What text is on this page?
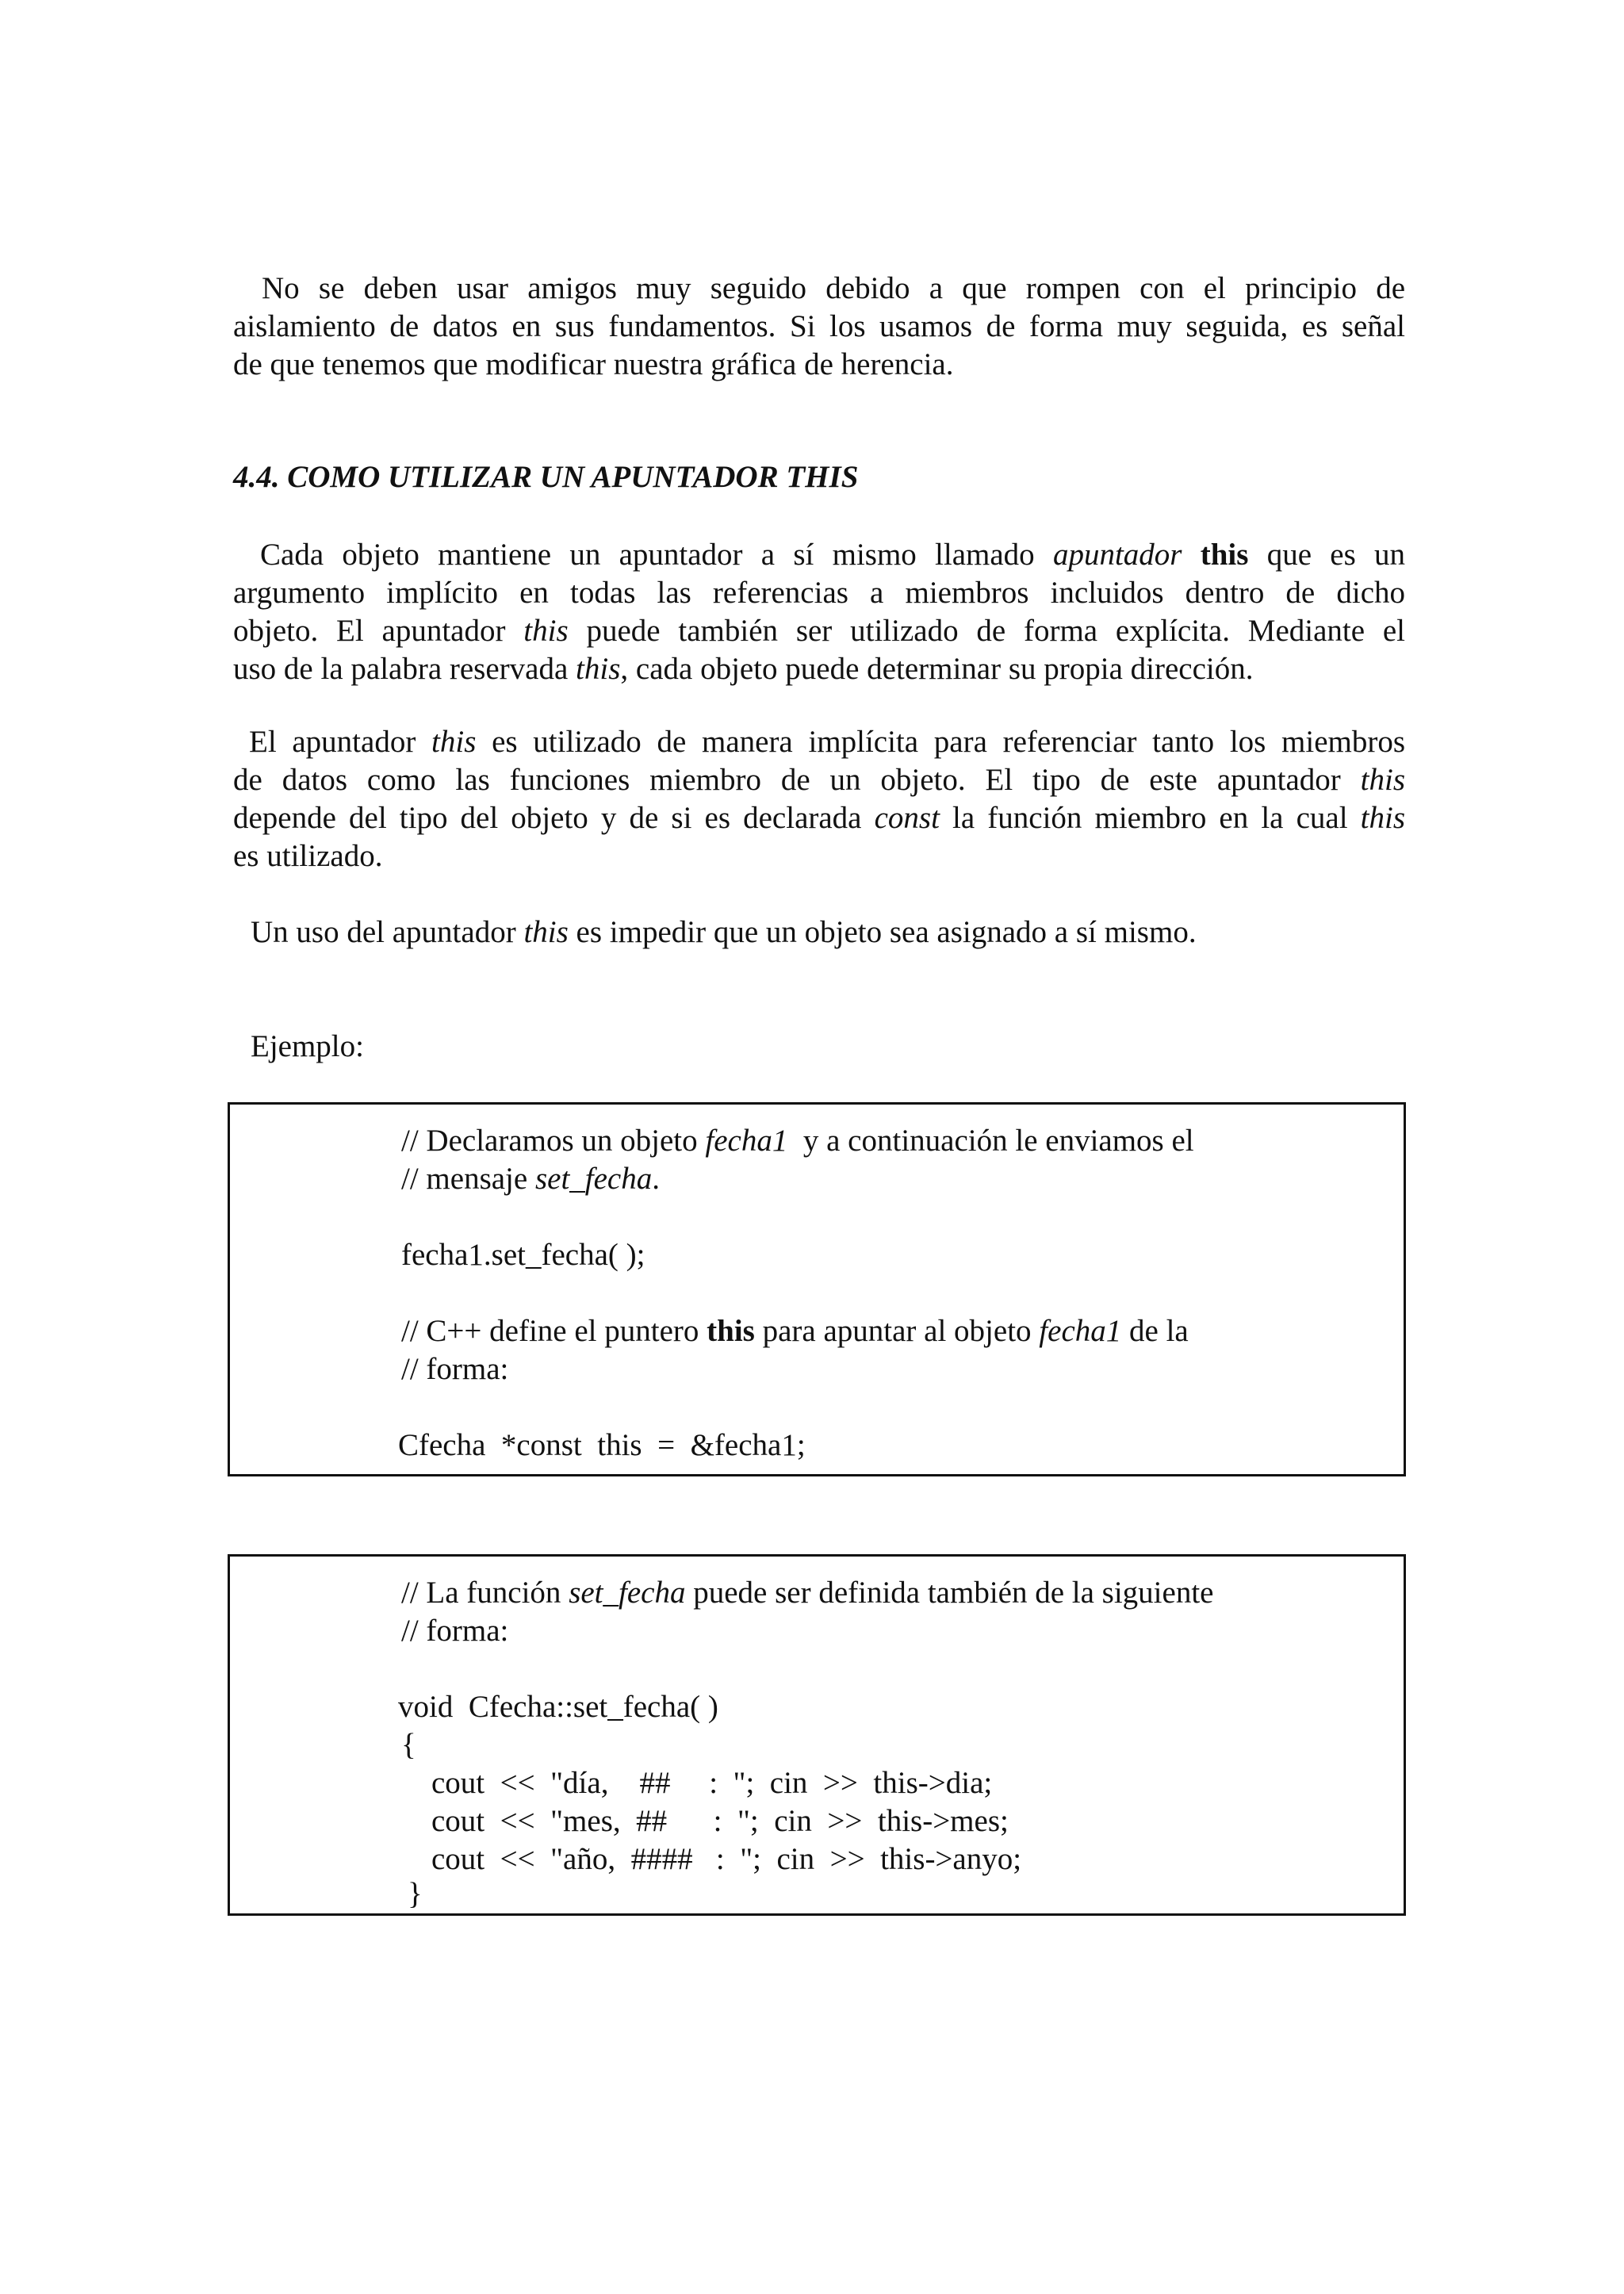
No se deben usar amigos muy seguido debido a que rompen con el principio de
aislamiento de datos en sus fundamentos. Si los usamos de forma muy seguida, es señal
de que tenemos que modificar nuestra gráfica de herencia.
4.4. COMO UTILIZAR UN APUNTADOR THIS
Cada objeto mantiene un apuntador a sí mismo llamado apuntador this que es un
argumento implícito en todas las referencias a miembros incluidos dentro de dicho
objeto. El apuntador this puede también ser utilizado de forma explícita. Mediante el
uso de la palabra reservada this, cada objeto puede determinar su propia dirección.
El apuntador this es utilizado de manera implícita para referenciar tanto los miembros
de datos como las funciones miembro de un objeto. El tipo de este apuntador this
depende del tipo del objeto y de si es declarada const la función miembro en la cual this
es utilizado.

Un uso del apuntador this es impedir que un objeto sea asignado a sí mismo.

Ejemplo:

// Declaramos un objeto fecha1 y a continuación le enviamos el

// mensaje set_fecha.

fecha1.set_fecha( );

// C++ define el puntero this para apuntar al objeto fecha1 de la

// forma:

Cfecha  *const  this  =  &fecha1;

// La función set_fecha puede ser definida también de la siguiente

// forma:

void  Cfecha::set_fecha( )

{

cout  <<  "día,    ##     :  ";  cin  >>  this->dia;

cout  <<  "mes,  ##      :  ";  cin  >>  this->mes;

cout  <<  "año,  ####   :  ";  cin  >>  this->anyo;

}
